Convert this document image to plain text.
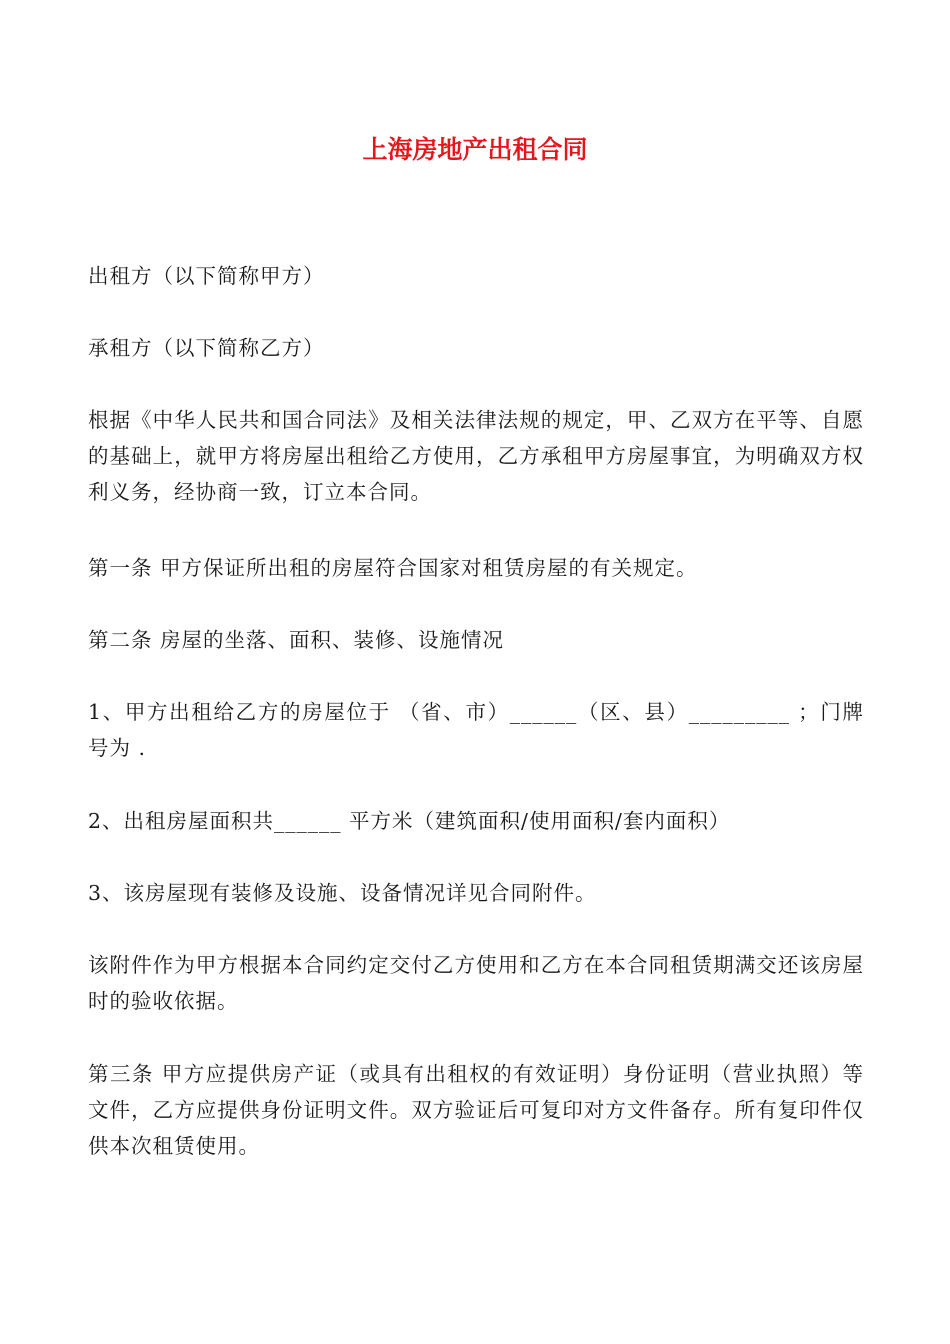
上海房地产出租合同

出租方（以下简称甲方）

承租方（以下简称乙方）

根据《中华人民共和国合同法》及相关法律法规的规定，甲、乙双方在平等、自愿的基础上，就甲方将房屋出租给乙方使用，乙方承租甲方房屋事宜，为明确双方权利义务，经协商一致，订立本合同。

第一条 甲方保证所出租的房屋符合国家对租赁房屋的有关规定。

第二条 房屋的坐落、面积、装修、设施情况

1、甲方出租给乙方的房屋位于 （省、市）______（区、县）_________ ；门牌号为 .

2、出租房屋面积共______ 平方米（建筑面积/使用面积/套内面积）

3、该房屋现有装修及设施、设备情况详见合同附件。

该附件作为甲方根据本合同约定交付乙方使用和乙方在本合同租赁期满交还该房屋时的验收依据。

第三条 甲方应提供房产证（或具有出租权的有效证明）身份证明（营业执照）等文件，乙方应提供身份证明文件。双方验证后可复印对方文件备存。所有复印件仅供本次租赁使用。
